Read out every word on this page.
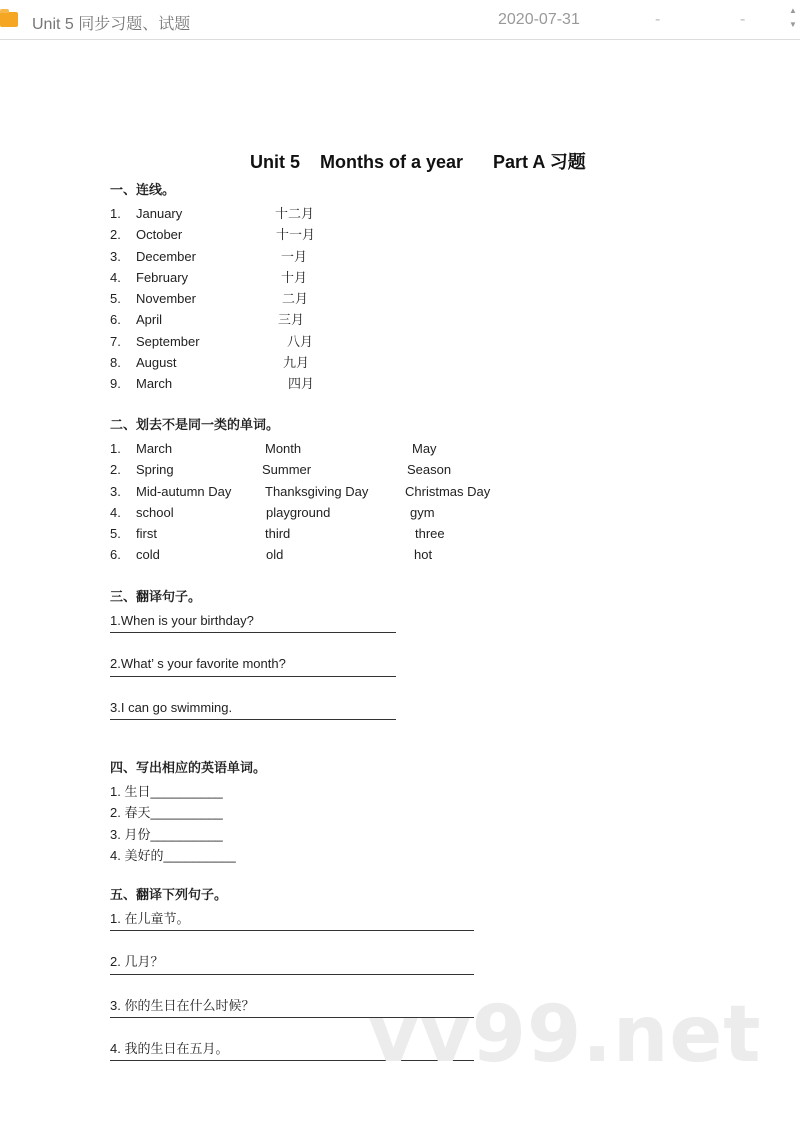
Unit 5 同步习题、试题	2020-07-31	-	-
▲
▼
Unit 5    Months of a year      Part A 习题
一、连线。
1. January	十二月
2. October	十一月
3. December	一月
4. February	十月
5. November	二月
6. April	三月
7. September	八月
8. August	九月
9. March	四月
二、划去不是同一类的单词。
1. March	Month	May
2. Spring	Summer	Season
3. Mid-autumn Day	Thanksgiving Day	Christmas Day
4. school	playground	gym
5. first	third	three
6. cold	old	hot
三、翻译句子。
1.When is your birthday?
2.What’ s your favorite month?
3.I can go swimming.
四、写出相应的英语单词。
1. 生日__________
2. 春天__________
3. 月份__________
4. 美好的__________
五、翻译下列句子。
1. 在儿童节。
2. 几月？
3. 你的生日在什么时候？
4. 我的生日在五月。	vv99.net
